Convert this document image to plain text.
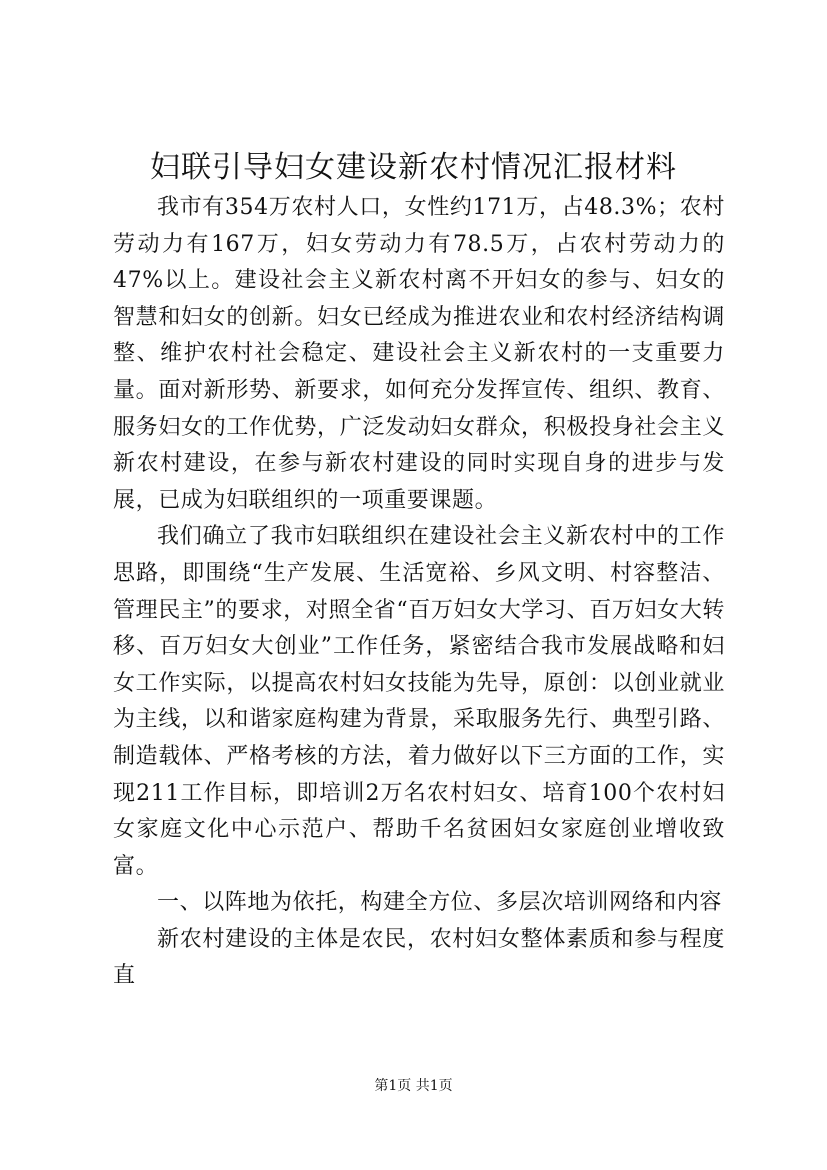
妇联引导妇女建设新农村情况汇报材料

我市有354万农村人口，女性约171万，占48.3%；农村劳动力有167万，妇女劳动力有78.5万，占农村劳动力的47%以上。建设社会主义新农村离不开妇女的参与、妇女的智慧和妇女的创新。妇女已经成为推进农业和农村经济结构调整、维护农村社会稳定、建设社会主义新农村的一支重要力量。面对新形势、新要求，如何充分发挥宣传、组织、教育、服务妇女的工作优势，广泛发动妇女群众，积极投身社会主义新农村建设，在参与新农村建设的同时实现自身的进步与发展，已成为妇联组织的一项重要课题。

我们确立了我市妇联组织在建设社会主义新农村中的工作思路，即围绕“生产发展、生活宽裕、乡风文明、村容整洁、管理民主”的要求，对照全省“百万妇女大学习、百万妇女大转移、百万妇女大创业”工作任务，紧密结合我市发展战略和妇女工作实际，以提高农村妇女技能为先导，原创：以创业就业为主线，以和谐家庭构建为背景，采取服务先行、典型引路、制造载体、严格考核的方法，着力做好以下三方面的工作，实现211工作目标，即培训2万名农村妇女、培育100个农村妇女家庭文化中心示范户、帮助千名贫困妇女家庭创业增收致富。

一、以阵地为依托，构建全方位、多层次培训网络和内容

新农村建设的主体是农民，农村妇女整体素质和参与程度直

第1页 共1页
